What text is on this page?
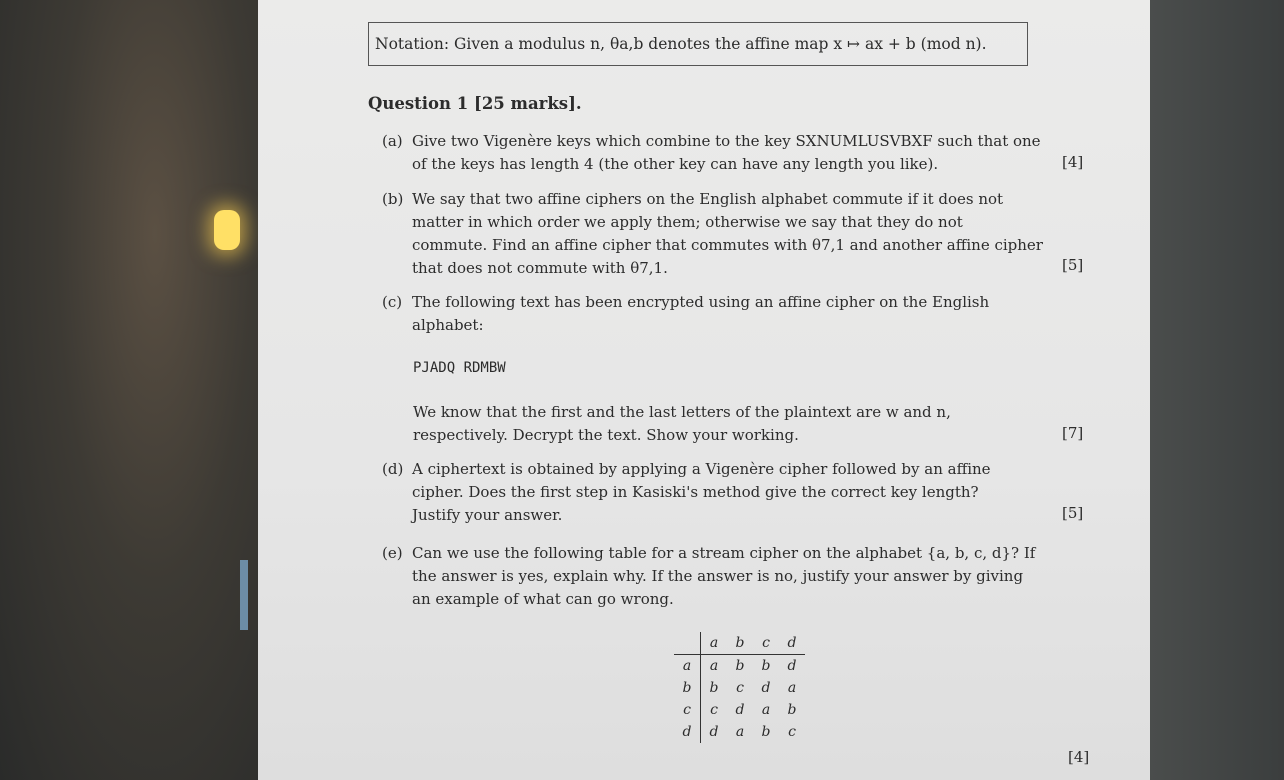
Notation: Given a modulus n, θa,b denotes the affine map x ↦ ax + b (mod n).
Question 1 [25 marks].
(a) Give two Vigenère keys which combine to the key SXNUMLUSVBXF such that one
of the keys has length 4 (the other key can have any length you like).	[4]
(b) We say that two affine ciphers on the English alphabet commute if it does not
matter in which order we apply them; otherwise we say that they do not
commute. Find an affine cipher that commutes with θ7,1 and another affine cipher
that does not commute with θ7,1.	[5]
(c) The following text has been encrypted using an affine cipher on the English
alphabet:
PJADQ RDMBW
We know that the first and the last letters of the plaintext are w and n,
respectively. Decrypt the text. Show your working.	[7]
(d) A ciphertext is obtained by applying a Vigenère cipher followed by an affine
cipher. Does the first step in Kasiski's method give the correct key length?
Justify your answer.	[5]
(e) Can we use the following table for a stream cipher on the alphabet {a, b, c, d}? If
the answer is yes, explain why. If the answer is no, justify your answer by giving
an example of what can go wrong.
	a	b	c	d
a	a	b	b	d
b	b	c	d	a
c	c	d	a	b
d	d	a	b	c
[4]
